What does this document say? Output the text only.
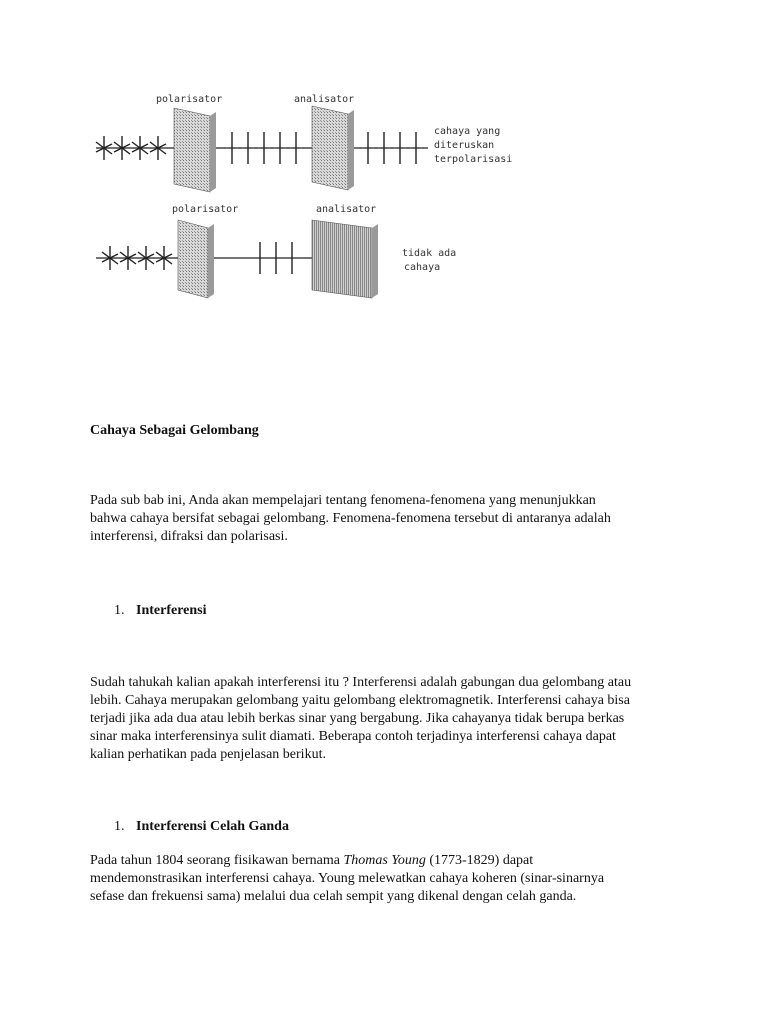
polarisator	analisator
cahaya yang
diteruskan
terpolarisasi
polarisator	analisator
tidak ada
cahaya
Cahaya Sebagai Gelombang
Pada sub bab ini, Anda akan mempelajari tentang fenomena-fenomena yang menunjukkan
bahwa cahaya bersifat sebagai gelombang. Fenomena-fenomena tersebut di antaranya adalah
interferensi, difraksi dan polarisasi.
1. Interferensi
Sudah tahukah kalian apakah interferensi itu ? Interferensi adalah gabungan dua gelombang atau
lebih. Cahaya merupakan gelombang yaitu gelombang elektromagnetik. Interferensi cahaya bisa
terjadi jika ada dua atau lebih berkas sinar yang bergabung. Jika cahayanya tidak berupa berkas
sinar maka interferensinya sulit diamati. Beberapa contoh terjadinya interferensi cahaya dapat
kalian perhatikan pada penjelasan berikut.
1. Interferensi Celah Ganda
Pada tahun 1804 seorang fisikawan bernama Thomas Young (1773-1829) dapat
mendemonstrasikan interferensi cahaya. Young melewatkan cahaya koheren (sinar-sinarnya
sefase dan frekuensi sama) melalui dua celah sempit yang dikenal dengan celah ganda.
